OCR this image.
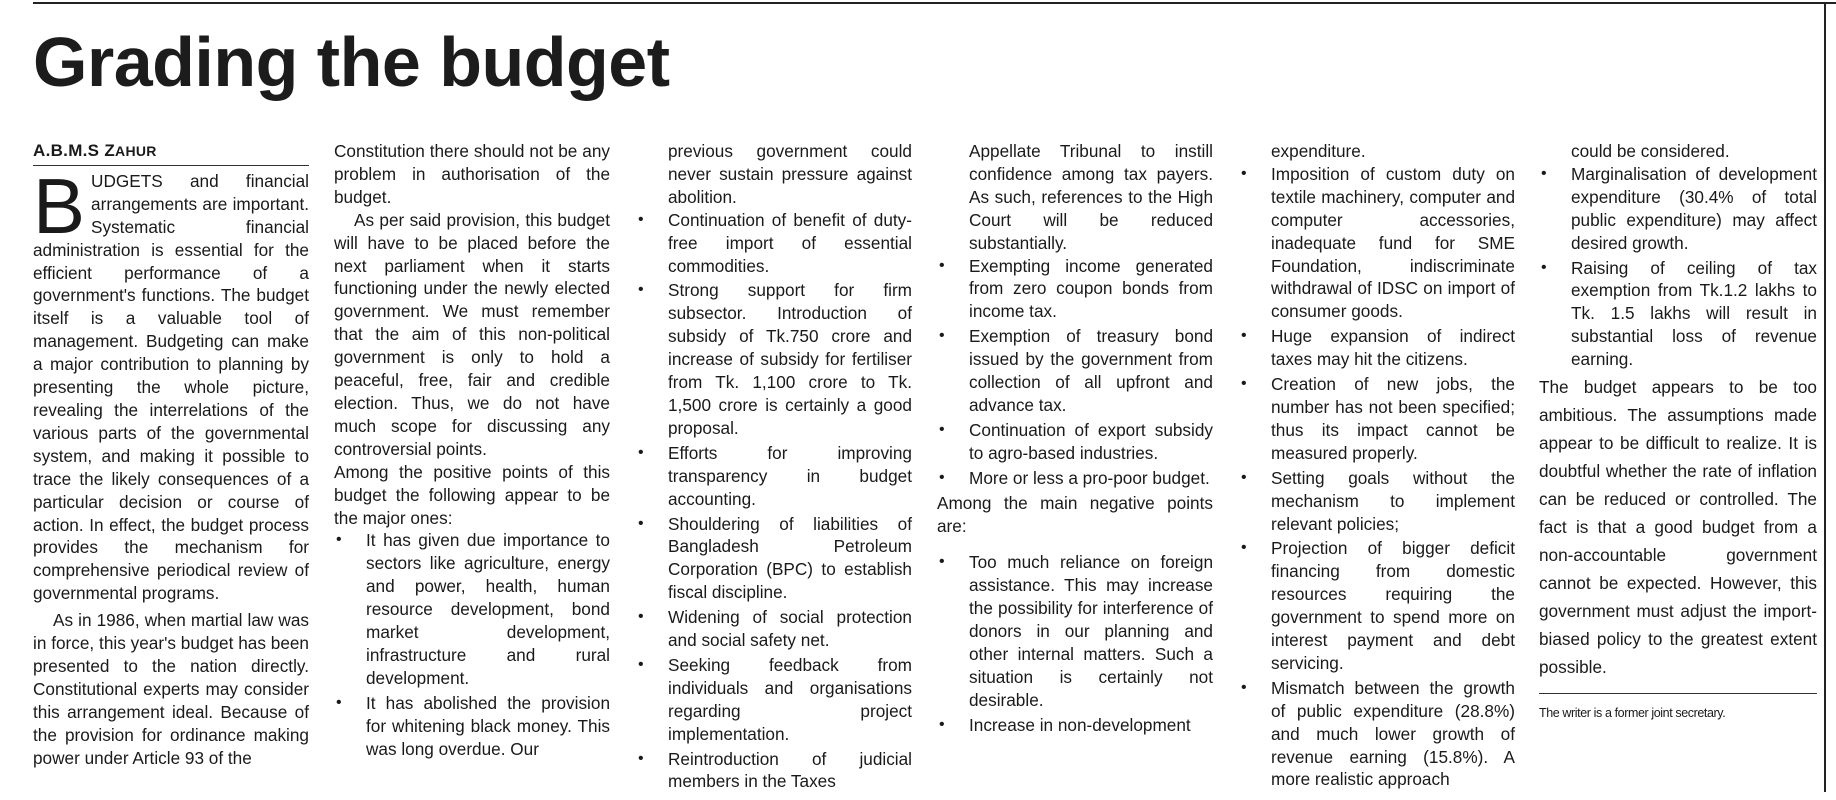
Grading the budget
A.B.M.S ZAHUR

BUDGETS and financial arrangements are important. Systematic financial administration is essential for the efficient performance of a government's functions. The budget itself is a valuable tool of management. Budgeting can make a major contribution to planning by presenting the whole picture, revealing the interrelations of the various parts of the governmental system, and making it possible to trace the likely consequences of a particular decision or course of action. In effect, the budget process provides the mechanism for comprehensive periodical review of governmental programs.

As in 1986, when martial law was in force, this year's budget has been presented to the nation directly. Constitutional experts may consider this arrangement ideal. Because of the provision for ordinance making power under Article 93 of the

Constitution there should not be any problem in authorisation of the budget.

As per said provision, this budget will have to be placed before the next parliament when it starts functioning under the newly elected government. We must remember that the aim of this non-political government is only to hold a peaceful, free, fair and credible election. Thus, we do not have much scope for discussing any controversial points.

Among the positive points of this budget the following appear to be the major ones:

• It has given due importance to sectors like agriculture, energy and power, health, human resource development, bond market development, infrastructure and rural development.
• It has abolished the provision for whitening black money. This was long overdue. Our

previous government could never sustain pressure against abolition.

• Continuation of benefit of duty-free import of essential commodities.
• Strong support for firm subsector. Introduction of subsidy of Tk.750 crore and increase of subsidy for fertiliser from Tk. 1,100 crore to Tk. 1,500 crore is certainly a good proposal.
• Efforts for improving transparency in budget accounting.
• Shouldering of liabilities of Bangladesh Petroleum Corporation (BPC) to establish fiscal discipline.
• Widening of social protection and social safety net.
• Seeking feedback from individuals and organisations regarding project implementation.
• Reintroduction of judicial members in the Taxes

Appellate Tribunal to instill confidence among tax payers. As such, references to the High Court will be reduced substantially.

• Exempting income generated from zero coupon bonds from income tax.
• Exemption of treasury bond issued by the government from collection of all upfront and advance tax.
• Continuation of export subsidy to agro-based industries.
• More or less a pro-poor budget.

Among the main negative points are:

• Too much reliance on foreign assistance. This may increase the possibility for interference of donors in our planning and other internal matters. Such a situation is certainly not desirable.
• Increase in non-development

expenditure.

• Imposition of custom duty on textile machinery, computer and computer accessories, inadequate fund for SME Foundation, indiscriminate withdrawal of IDSC on import of consumer goods.
• Huge expansion of indirect taxes may hit the citizens.
• Creation of new jobs, the number has not been specified; thus its impact cannot be measured properly.
• Setting goals without the mechanism to implement relevant policies;
• Projection of bigger deficit financing from domestic resources requiring the government to spend more on interest payment and debt servicing.
• Mismatch between the growth of public expenditure (28.8%) and much lower growth of revenue earning (15.8%). A more realistic approach

could be considered.

• Marginalisation of development expenditure (30.4% of total public expenditure) may affect desired growth.
• Raising of ceiling of tax exemption from Tk.1.2 lakhs to Tk. 1.5 lakhs will result in substantial loss of revenue earning.

The budget appears to be too ambitious. The assumptions made appear to be difficult to realize. It is doubtful whether the rate of inflation can be reduced or controlled. The fact is that a good budget from a non-accountable government cannot be expected. However, this government must adjust the import-biased policy to the greatest extent possible.

The writer is a former joint secretary.
